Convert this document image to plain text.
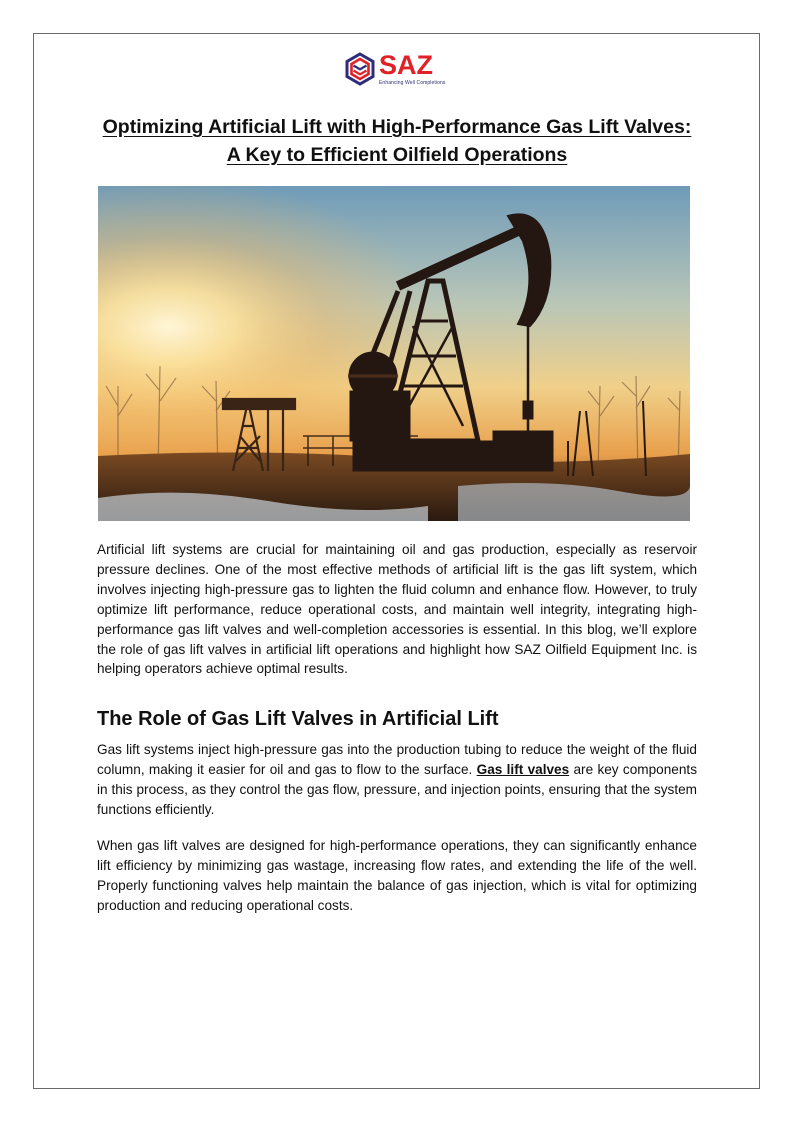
SAZ
Enhancing Well Completions
Optimizing Artificial Lift with High-Performance Gas Lift Valves: A Key to Efficient Oilfield Operations

Artificial lift systems are crucial for maintaining oil and gas production, especially as reservoir pressure declines. One of the most effective methods of artificial lift is the gas lift system, which involves injecting high-pressure gas to lighten the fluid column and enhance flow. However, to truly optimize lift performance, reduce operational costs, and maintain well integrity, integrating high-performance gas lift valves and well-completion accessories is essential. In this blog, we’ll explore the role of gas lift valves in artificial lift operations and highlight how SAZ Oilfield Equipment Inc. is helping operators achieve optimal results.

The Role of Gas Lift Valves in Artificial Lift

Gas lift systems inject high-pressure gas into the production tubing to reduce the weight of the fluid column, making it easier for oil and gas to flow to the surface. Gas lift valves are key components in this process, as they control the gas flow, pressure, and injection points, ensuring that the system functions efficiently.

When gas lift valves are designed for high-performance operations, they can significantly enhance lift efficiency by minimizing gas wastage, increasing flow rates, and extending the life of the well. Properly functioning valves help maintain the balance of gas injection, which is vital for optimizing production and reducing operational costs.
